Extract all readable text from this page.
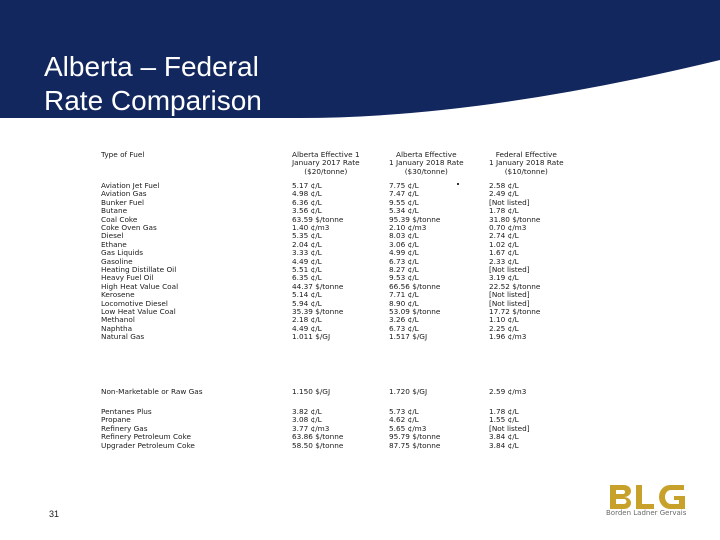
Alberta – Federal
Rate Comparison
Type of Fuel
Aviation Jet Fuel
Aviation Gas
Bunker Fuel
Butane
Coal Coke
Coke Oven Gas
Diesel
Ethane
Gas Liquids
Gasoline
Heating Distillate Oil
Heavy Fuel Oil
High Heat Value Coal
Kerosene
Locomotive Diesel
Low Heat Value Coal
Methanol
Naphtha
Natural Gas
Non-Marketable or Raw Gas
Pentanes Plus
Propane
Refinery Gas
Refinery Petroleum Coke
Upgrader Petroleum Coke
Alberta Effective 1
January 2017 Rate
($20/tonne)
5.17 ¢/L
4.98 ¢/L
6.36 ¢/L
3.56 ¢/L
63.59 $/tonne
1.40 ¢/m3
5.35 ¢/L
2.04 ¢/L
3.33 ¢/L
4.49 ¢/L
5.51 ¢/L
6.35 ¢/L
44.37 $/tonne
5.14 ¢/L
5.94 ¢/L
35.39 $/tonne
2.18 ¢/L
4.49 ¢/L
1.011 $/GJ
1.150 $/GJ
3.82 ¢/L
3.08 ¢/L
3.77 ¢/m3
63.86 $/tonne
58.50 $/tonne
Alberta Effective
1 January 2018 Rate
($30/tonne)
7.75 ¢/L
7.47 ¢/L
9.55 ¢/L
5.34 ¢/L
95.39 $/tonne
2.10 ¢/m3
8.03 ¢/L
3.06 ¢/L
4.99 ¢/L
6.73 ¢/L
8.27 ¢/L
9.53 ¢/L
66.56 $/tonne
7.71 ¢/L
8.90 ¢/L
53.09 $/tonne
3.26 ¢/L
6.73 ¢/L
1.517 $/GJ
1.720 $/GJ
5.73 ¢/L
4.62 ¢/L
5.65 ¢/m3
95.79 $/tonne
87.75 $/tonne
Federal Effective
1 January 2018 Rate
($10/tonne)
2.58 ¢/L
2.49 ¢/L
[Not listed]
1.78 ¢/L
31.80 $/tonne
0.70 ¢/m3
2.74 ¢/L
1.02 ¢/L
1.67 ¢/L
2.33 ¢/L
[Not listed]
3.19 ¢/L
22.52 $/tonne
[Not listed]
[Not listed]
17.72 $/tonne
1.10 ¢/L
2.25 ¢/L
1.96 ¢/m3
2.59 ¢/m3
1.78 ¢/L
1.55 ¢/L
[Not listed]
3.84 ¢/L
3.84 ¢/L
31	Borden Ladner Gervais
